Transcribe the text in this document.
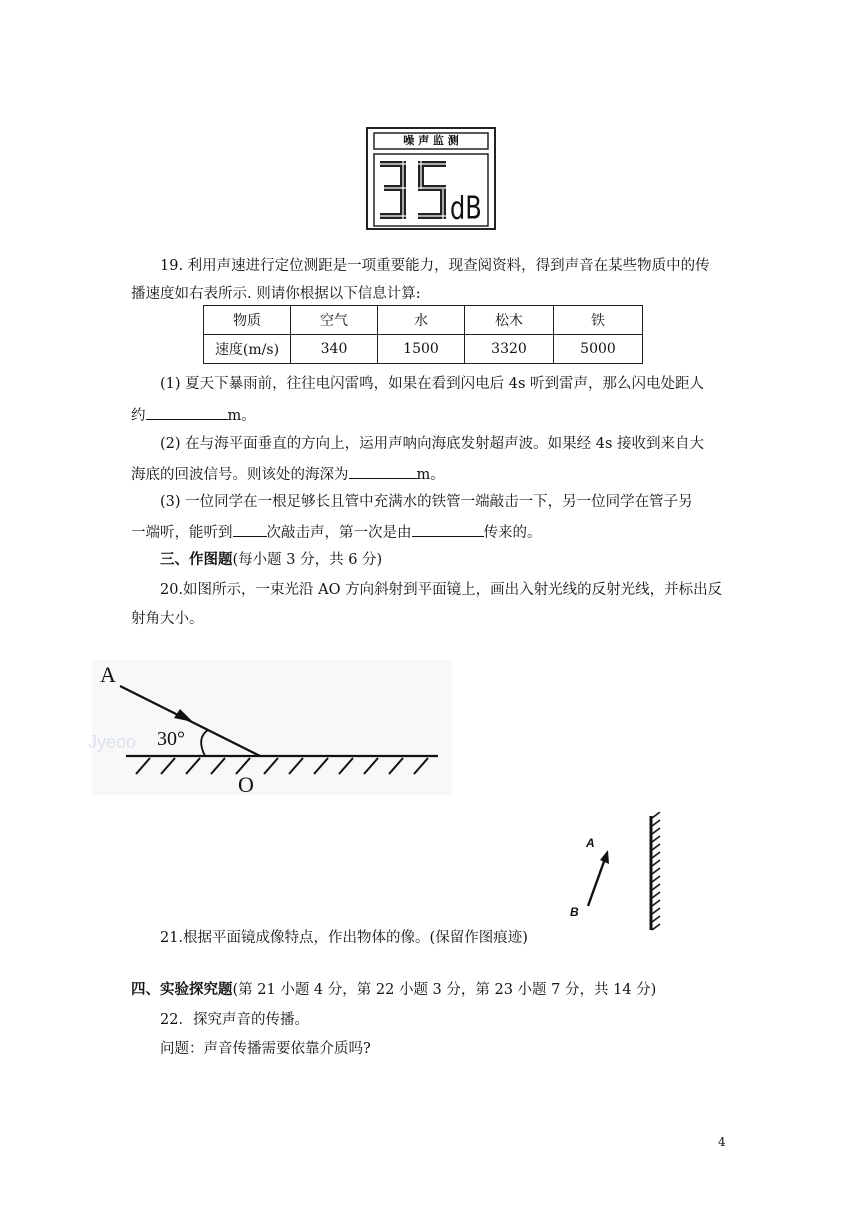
噪 声 监 测
dB
19. 利用声速进行定位测距是一项重要能力，现查阅资料，得到声音在某些物质中的传
播速度如右表所示. 则请你根据以下信息计算:
物质	空气	水	松木	铁
速度(m/s)	340	1500	3320	5000
(1) 夏天下暴雨前，往往电闪雷鸣，如果在看到闪电后 4s 听到雷声，那么闪电处距人
约	m。
(2) 在与海平面垂直的方向上，运用声呐向海底发射超声波。如果经 4s 接收到来自大
海底的回波信号。则该处的海深为	m。
(3) 一位同学在一根足够长且管中充满水的铁管一端敲击一下，另一位同学在管子另
一端听，能听到 次敲击声，第一次是由	传来的。
三、作图题(每小题 3 分，共 6 分)
20.如图所示，一束光沿 AO 方向斜射到平面镜上，画出入射光线的反射光线，并标出反
射角大小。
A
O
30°
Jyeoo
A
B
21.根据平面镜成像特点，作出物体的像。(保留作图痕迹)
四、实验探究题(第 21 小题 4 分，第 22 小题 3 分，第 23 小题 7 分，共 14 分)
22．探究声音的传播。
问题：声音传播需要依靠介质吗?
4
